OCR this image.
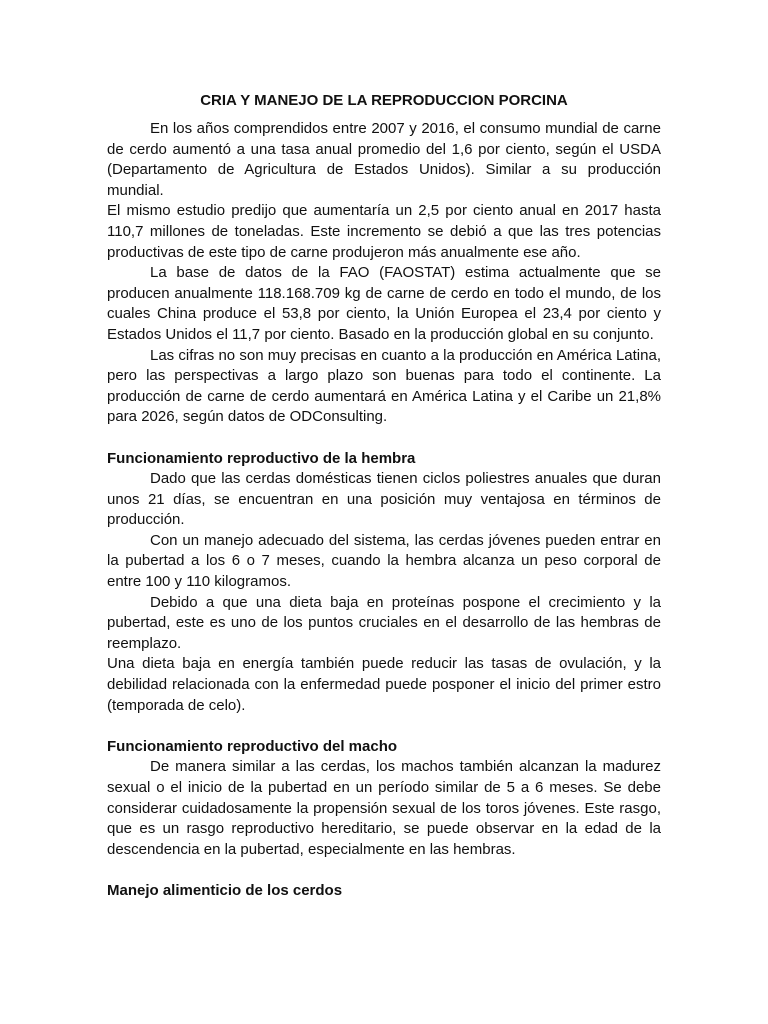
CRIA Y MANEJO DE LA REPRODUCCION PORCINA

En los años comprendidos entre 2007 y 2016, el consumo mundial de carne de cerdo aumentó a una tasa anual promedio del 1,6 por ciento, según el USDA (Departamento de Agricultura de Estados Unidos). Similar a su producción mundial.

El mismo estudio predijo que aumentaría un 2,5 por ciento anual en 2017 hasta 110,7 millones de toneladas. Este incremento se debió a que las tres potencias productivas de este tipo de carne produjeron más anualmente ese año.

La base de datos de la FAO (FAOSTAT) estima actualmente que se producen anualmente 118.168.709 kg de carne de cerdo en todo el mundo, de los cuales China produce el 53,8 por ciento, la Unión Europea el 23,4 por ciento y Estados Unidos el 11,7 por ciento. Basado en la producción global en su conjunto.

Las cifras no son muy precisas en cuanto a la producción en América Latina, pero las perspectivas a largo plazo son buenas para todo el continente. La producción de carne de cerdo aumentará en América Latina y el Caribe un 21,8% para 2026, según datos de ODConsulting.

Funcionamiento reproductivo de la hembra

Dado que las cerdas domésticas tienen ciclos poliestres anuales que duran unos 21 días, se encuentran en una posición muy ventajosa en términos de producción.

Con un manejo adecuado del sistema, las cerdas jóvenes pueden entrar en la pubertad a los 6 o 7 meses, cuando la hembra alcanza un peso corporal de entre 100 y 110 kilogramos.

Debido a que una dieta baja en proteínas pospone el crecimiento y la pubertad, este es uno de los puntos cruciales en el desarrollo de las hembras de reemplazo.

Una dieta baja en energía también puede reducir las tasas de ovulación, y la debilidad relacionada con la enfermedad puede posponer el inicio del primer estro (temporada de celo).

Funcionamiento reproductivo del macho

De manera similar a las cerdas, los machos también alcanzan la madurez sexual o el inicio de la pubertad en un período similar de 5 a 6 meses. Se debe considerar cuidadosamente la propensión sexual de los toros jóvenes. Este rasgo, que es un rasgo reproductivo hereditario, se puede observar en la edad de la descendencia en la pubertad, especialmente en las hembras.

Manejo alimenticio de los cerdos
